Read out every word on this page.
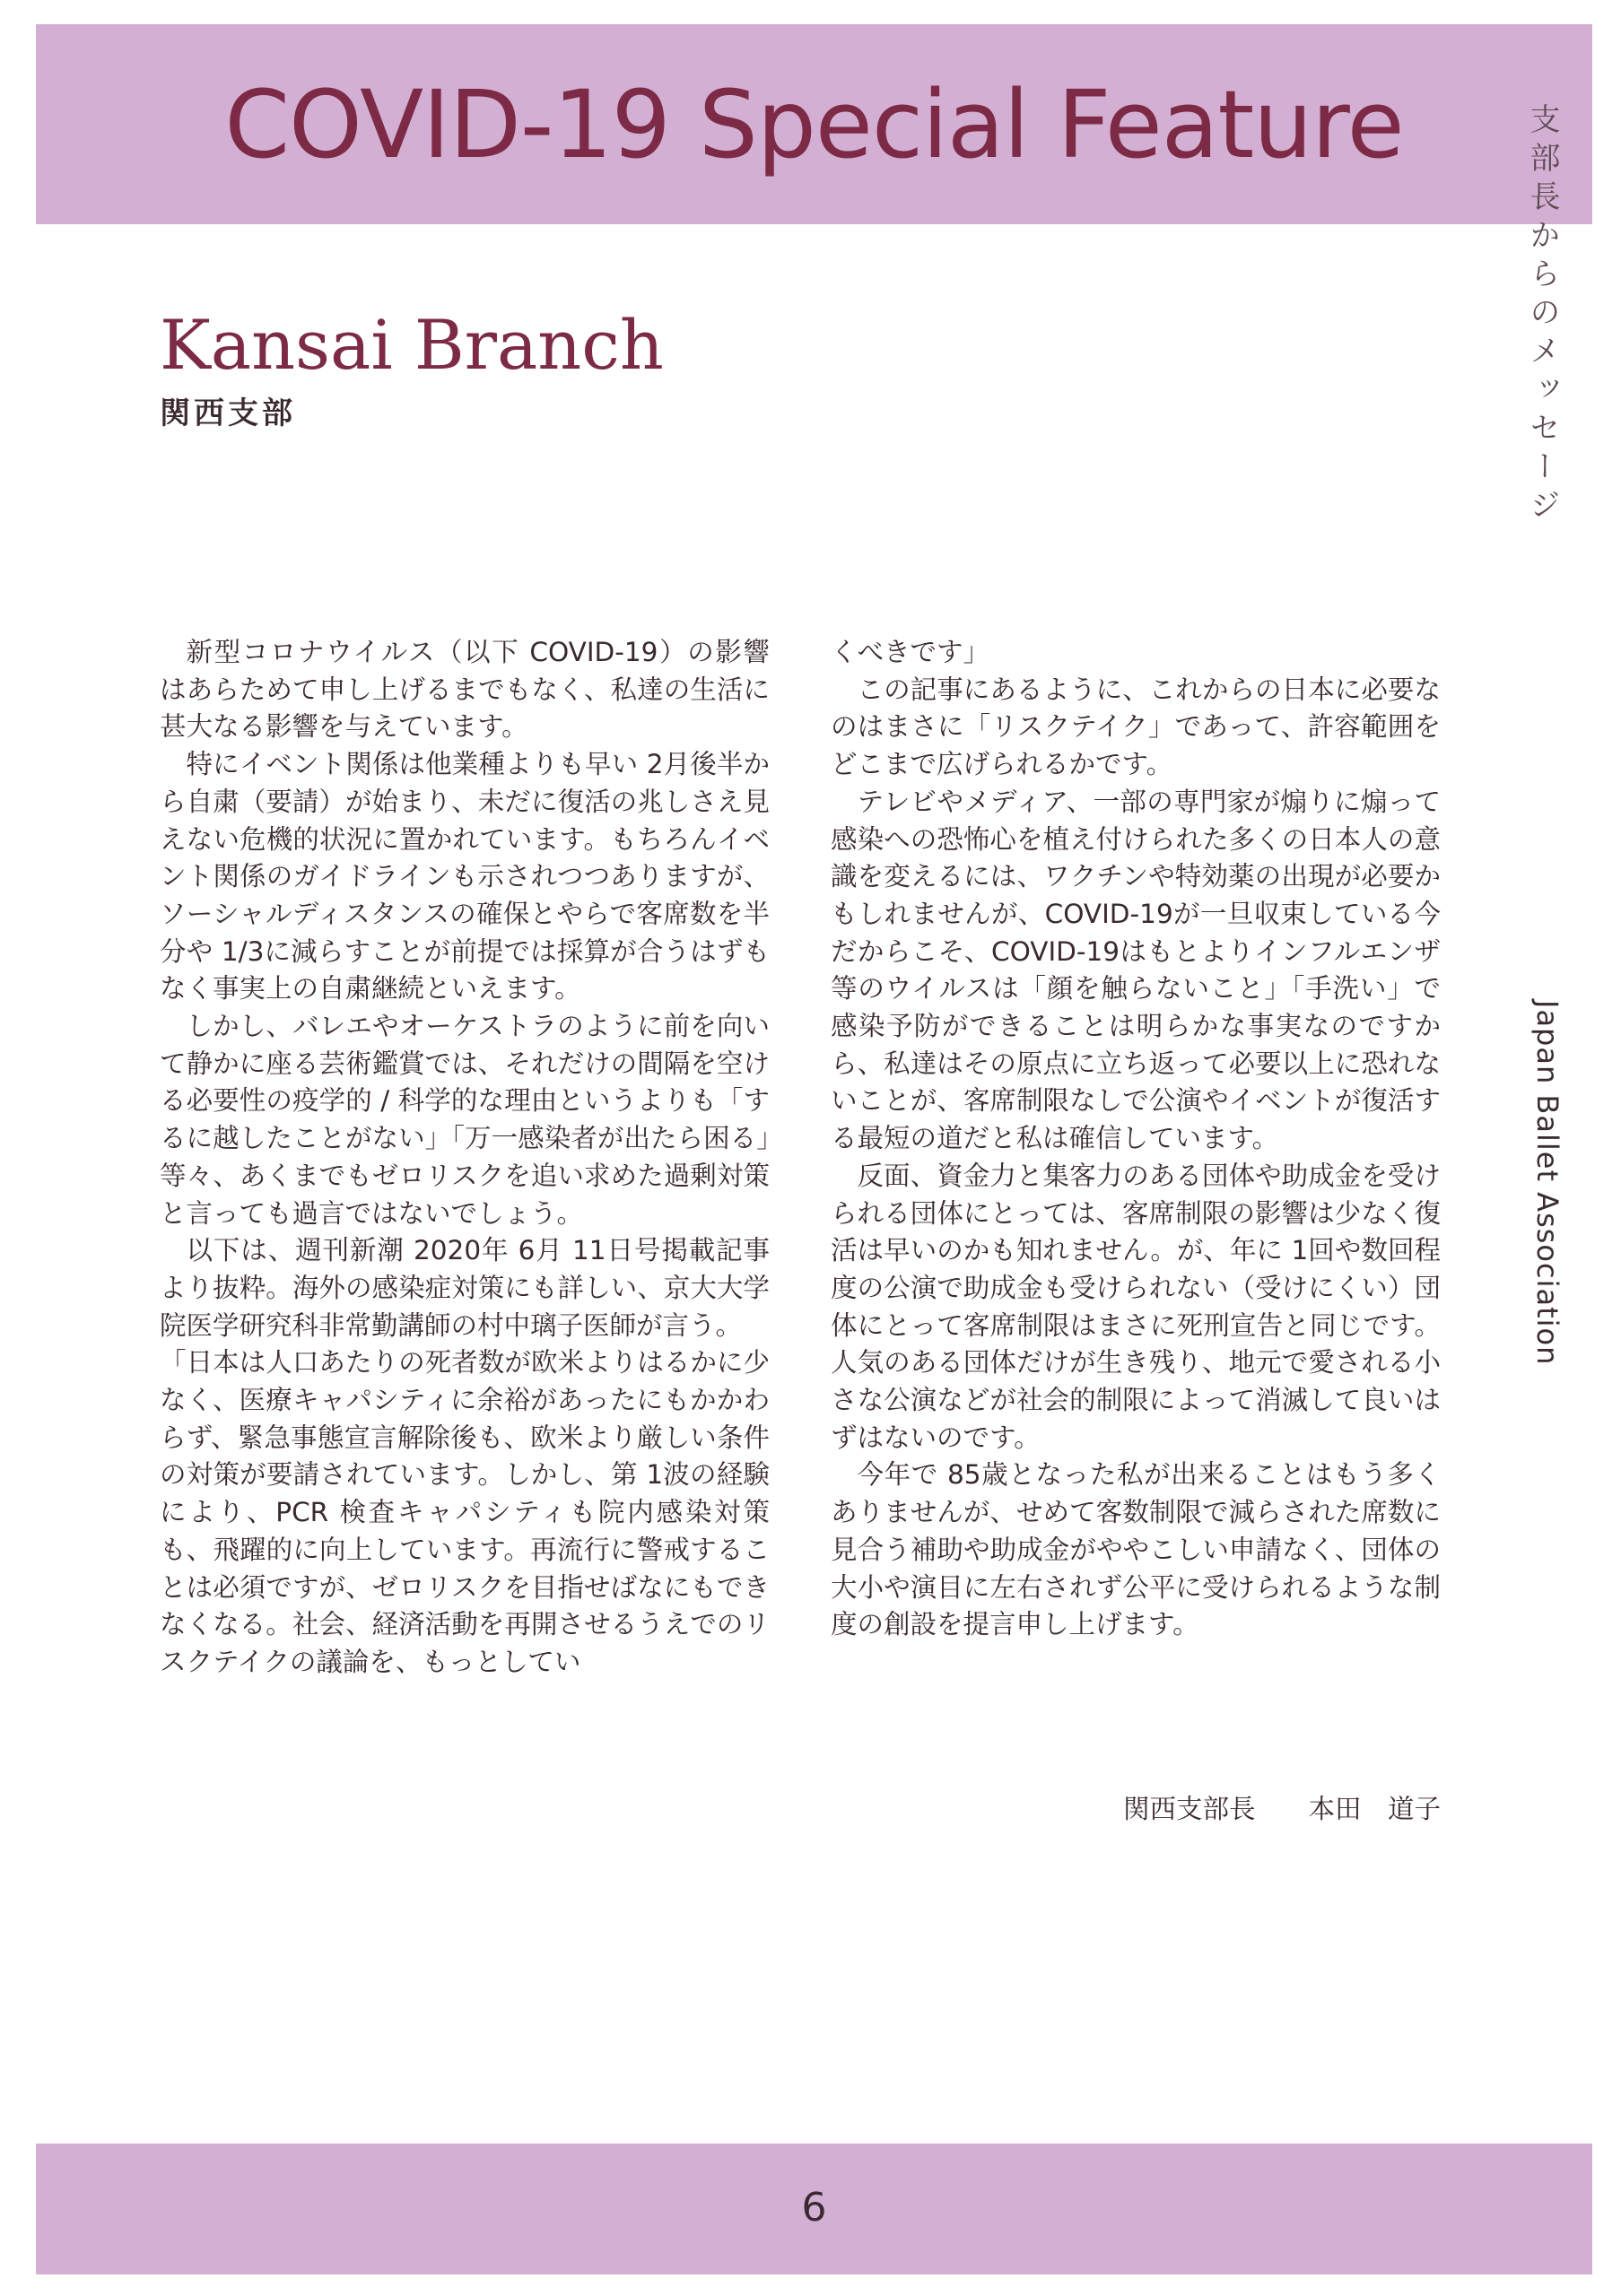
COVID-19 Special Feature	支部長からのメッセージ
Japan Ballet Association
Kansai Branch
関西支部

新型コロナウイルス（以下 COVID-19）の影響はあらためて申し上げるまでもなく、私達の生活に甚大なる影響を与えています。

特にイベント関係は他業種よりも早い 2月後半から自粛（要請）が始まり、未だに復活の兆しさえ見えない危機的状況に置かれています。もちろんイベント関係のガイドラインも示されつつありますが、ソーシャルディスタンスの確保とやらで客席数を半分や 1/3に減らすことが前提では採算が合うはずもなく事実上の自粛継続といえます。

しかし、バレエやオーケストラのように前を向いて静かに座る芸術鑑賞では、それだけの間隔を空ける必要性の疫学的 / 科学的な理由というよりも「するに越したことがない」「万一感染者が出たら困る」等々、あくまでもゼロリスクを追い求めた過剰対策と言っても過言ではないでしょう。

以下は、週刊新潮 2020年 6月 11日号掲載記事より抜粋。海外の感染症対策にも詳しい、京大大学院医学研究科非常勤講師の村中璃子医師が言う。

「日本は人口あたりの死者数が欧米よりはるかに少なく、医療キャパシティに余裕があったにもかかわらず、緊急事態宣言解除後も、欧米より厳しい条件の対策が要請されています。しかし、第 1波の経験により、PCR 検査キャパシティも院内感染対策も、飛躍的に向上しています。再流行に警戒することは必須ですが、ゼロリスクを目指せばなにもできなくなる。社会、経済活動を再開させるうえでのリスクテイクの議論を、もっとしてい

くべきです」

この記事にあるように、これからの日本に必要なのはまさに「リスクテイク」であって、許容範囲をどこまで広げられるかです。

テレビやメディア、一部の専門家が煽りに煽って感染への恐怖心を植え付けられた多くの日本人の意識を変えるには、ワクチンや特効薬の出現が必要かもしれませんが、COVID-19が一旦収束している今だからこそ、COVID-19はもとよりインフルエンザ等のウイルスは「顔を触らないこと」「手洗い」で感染予防ができることは明らかな事実なのですから、私達はその原点に立ち返って必要以上に恐れないことが、客席制限なしで公演やイベントが復活する最短の道だと私は確信しています。

反面、資金力と集客力のある団体や助成金を受けられる団体にとっては、客席制限の影響は少なく復活は早いのかも知れません。が、年に 1回や数回程度の公演で助成金も受けられない（受けにくい）団体にとって客席制限はまさに死刑宣告と同じです。人気のある団体だけが生き残り、地元で愛される小さな公演などが社会的制限によって消滅して良いはずはないのです。

今年で 85歳となった私が出来ることはもう多くありませんが、せめて客数制限で減らされた席数に見合う補助や助成金がややこしい申請なく、団体の大小や演目に左右されず公平に受けられるような制度の創設を提言申し上げます。

関西支部長　　本田　道子
6
